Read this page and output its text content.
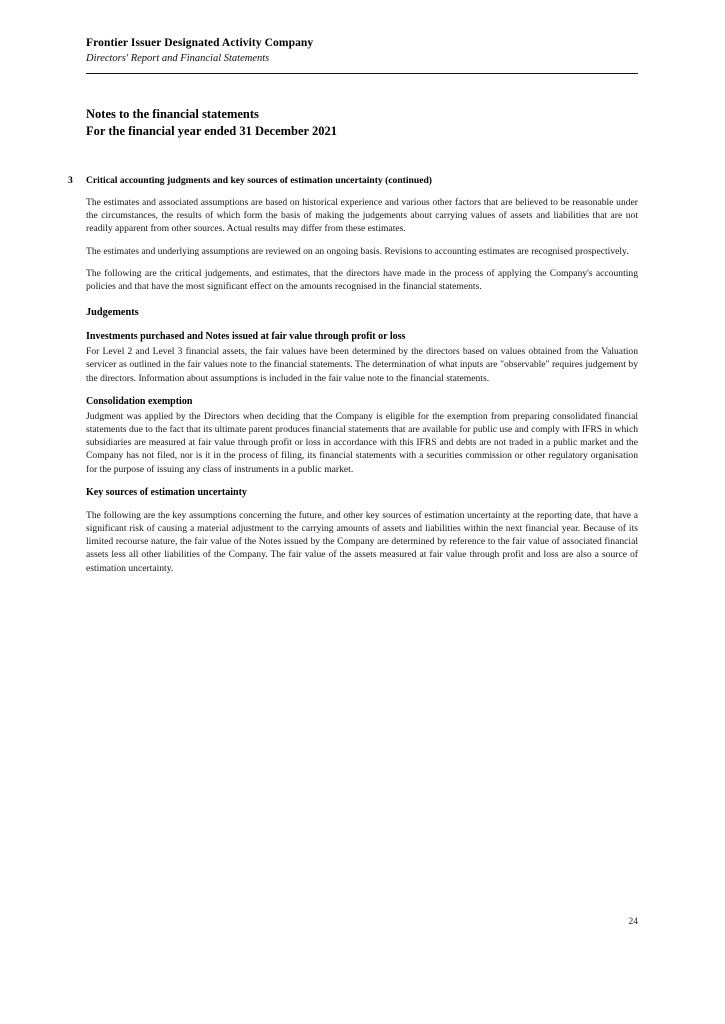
Frontier Issuer Designated Activity Company
Directors' Report and Financial Statements
Notes to the financial statements
For the financial year ended 31 December 2021
3	Critical accounting judgments and key sources of estimation uncertainty (continued)

The estimates and associated assumptions are based on historical experience and various other factors that are believed to be reasonable under the circumstances, the results of which form the basis of making the judgements about carrying values of assets and liabilities that are not readily apparent from other sources. Actual results may differ from these estimates.

The estimates and underlying assumptions are reviewed on an ongoing basis. Revisions to accounting estimates are recognised prospectively.

The following are the critical judgements, and estimates, that the directors have made in the process of applying the Company's accounting policies and that have the most significant effect on the amounts recognised in the financial statements.

Judgements
Investments purchased and Notes issued at fair value through profit or loss

For Level 2 and Level 3 financial assets, the fair values have been determined by the directors based on values obtained from the Valuation servicer as outlined in the fair values note to the financial statements. The determination of what inputs are "observable" requires judgement by the directors. Information about assumptions is included in the fair value note to the financial statements.

Consolidation exemption

Judgment was applied by the Directors when deciding that the Company is eligible for the exemption from preparing consolidated financial statements due to the fact that its ultimate parent produces financial statements that are available for public use and comply with IFRS in which subsidiaries are measured at fair value through profit or loss in accordance with this IFRS and debts are not traded in a public market and the Company has not filed, nor is it in the process of filing, its financial statements with a securities commission or other regulatory organisation for the purpose of issuing any class of instruments in a public market.

Key sources of estimation uncertainty

The following are the key assumptions concerning the future, and other key sources of estimation uncertainty at the reporting date, that have a significant risk of causing a material adjustment to the carrying amounts of assets and liabilities within the next financial year. Because of its limited recourse nature, the fair value of the Notes issued by the Company are determined by reference to the fair value of associated financial assets less all other liabilities of the Company. The fair value of the assets measured at fair value through profit and loss are also a source of estimation uncertainty.

24
